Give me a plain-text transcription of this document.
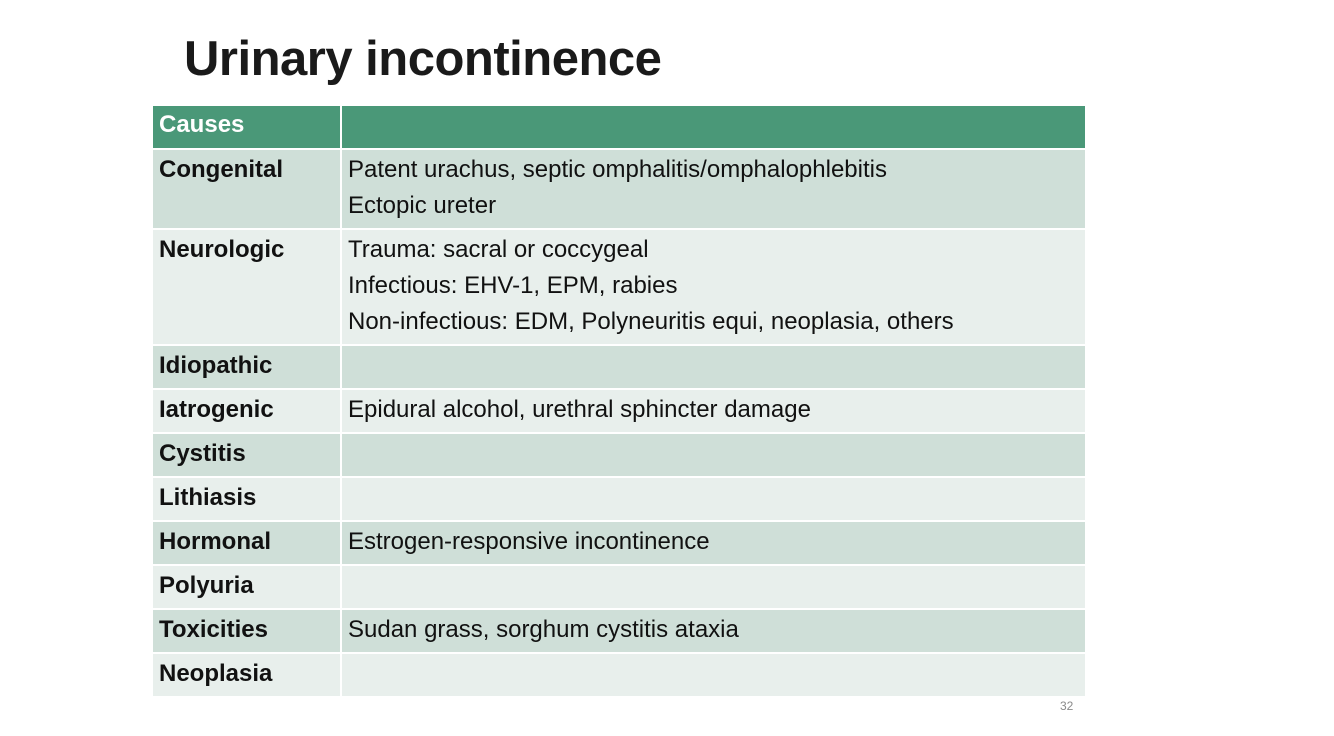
Urinary incontinence
Causes	
Congenital	Patent urachus, septic omphalitis/omphalophlebitis
Ectopic ureter

Neurologic	Trauma: sacral or coccygeal
Infectious: EHV-1, EPM, rabies
Non-infectious: EDM, Polyneuritis equi, neoplasia, others

Idiopathic	

Iatrogenic	Epidural alcohol, urethral sphincter damage

Cystitis	

Lithiasis	

Hormonal	Estrogen-responsive incontinence

Polyuria	

Toxicities	Sudan grass, sorghum cystitis ataxia

Neoplasia	

32
